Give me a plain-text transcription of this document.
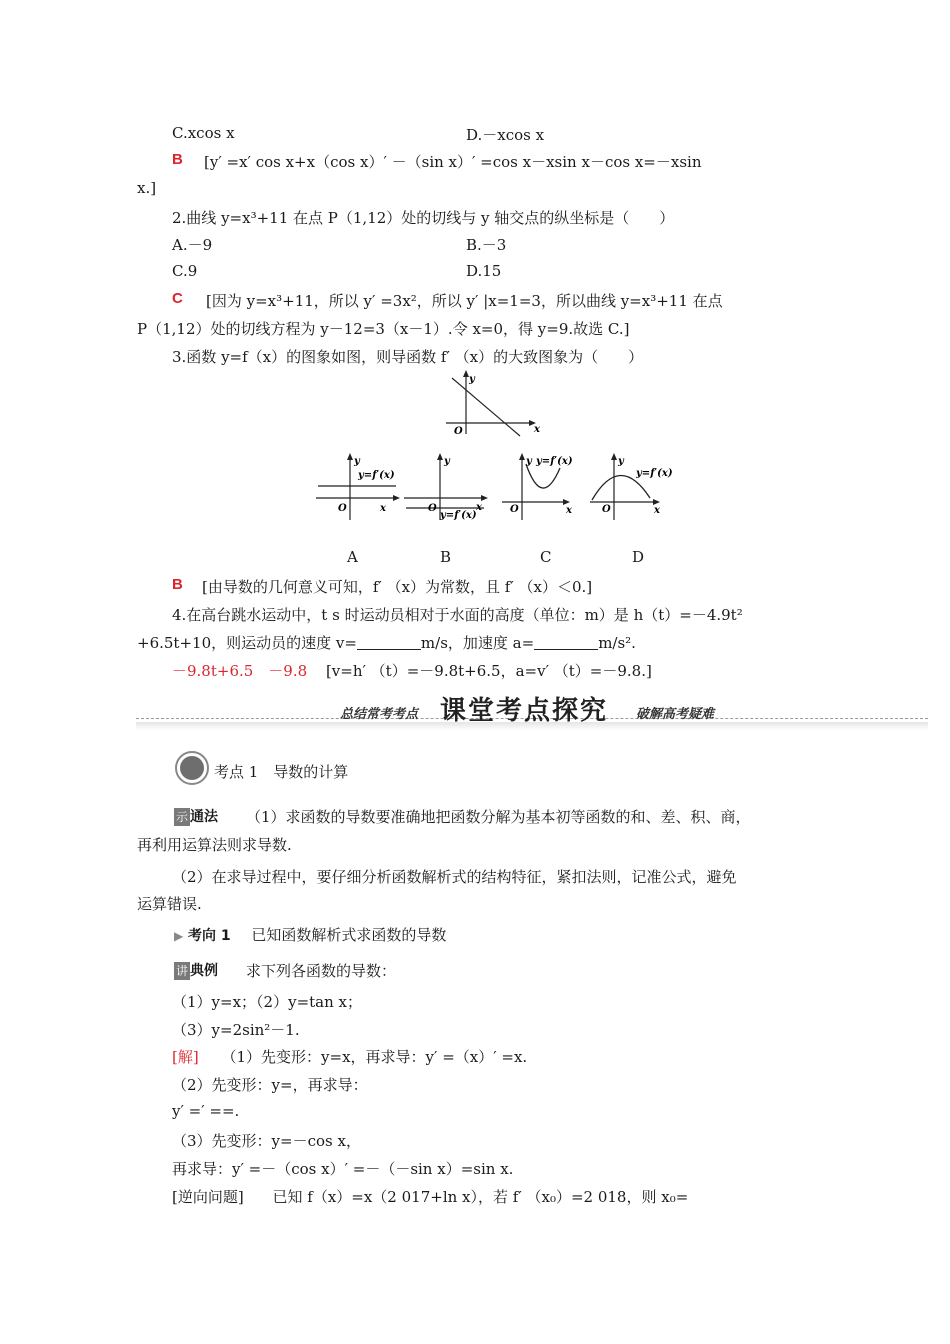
C.xcos x	D.－xcos x
B [y′ =x′ cos x+x（cos x）′ －（sin x）′ =cos x－xsin x－cos x=－xsin
x.]
2.曲线 y=x³+11 在点 P（1,12）处的切线与 y 轴交点的纵坐标是（　　）
A.－9	B.－3
C.9	D.15
C [因为 y=x³+11，所以 y′ =3x²，所以 y′ |x=1=3，所以曲线 y=x³+11 在点
P（1,12）处的切线方程为 y－12=3（x－1）.令 x=0，得 y=9.故选 C.]
3.函数 y=f（x）的图象如图，则导函数 f′ （x）的大致图象为（　　）
y
x
O
y
y=f′(x)
x
O
y
O
y=f′(x)
x
y y=f′(x)
O	x
y
y=f′(x)
O	x
A	B	C	D
B [由导数的几何意义可知，f′ （x）为常数，且 f′ （x）＜0.]
4.在高台跳水运动中，t s 时运动员相对于水面的高度（单位：m）是 h（t）=－4.9t²
+6.5t+10，则运动员的速度 v=	m/s，加速度 a=	m/s².
－9.8t+6.5　－9.8 [v=h′ （t）=－9.8t+6.5，a=v′ （t）=－9.8.]
总结常考考点 课堂考点探究 破解高考疑难
考点 1　导数的计算
示 通法 （1）求函数的导数要准确地把函数分解为基本初等函数的和、差、积、商，
再利用运算法则求导数.
（2）在求导过程中，要仔细分析函数解析式的结构特征，紧扣法则，记准公式，避免
运算错误.
▶ 考向 1 已知函数解析式求函数的导数
讲 典例 求下列各函数的导数：
（1）y=x；（2）y=tan x；
（3）y=2sin²－1.
[解] （1）先变形：y=x，再求导：y′ =（x）′ =x.
（2）先变形：y=，再求导：
y′ =′ ==.
（3）先变形：y=－cos x，
再求导：y′ =－（cos x）′ =－（－sin x）=sin x.
[逆向问题] 已知 f（x）=x（2 017+ln x），若 f′ （x₀）=2 018，则 x₀=
